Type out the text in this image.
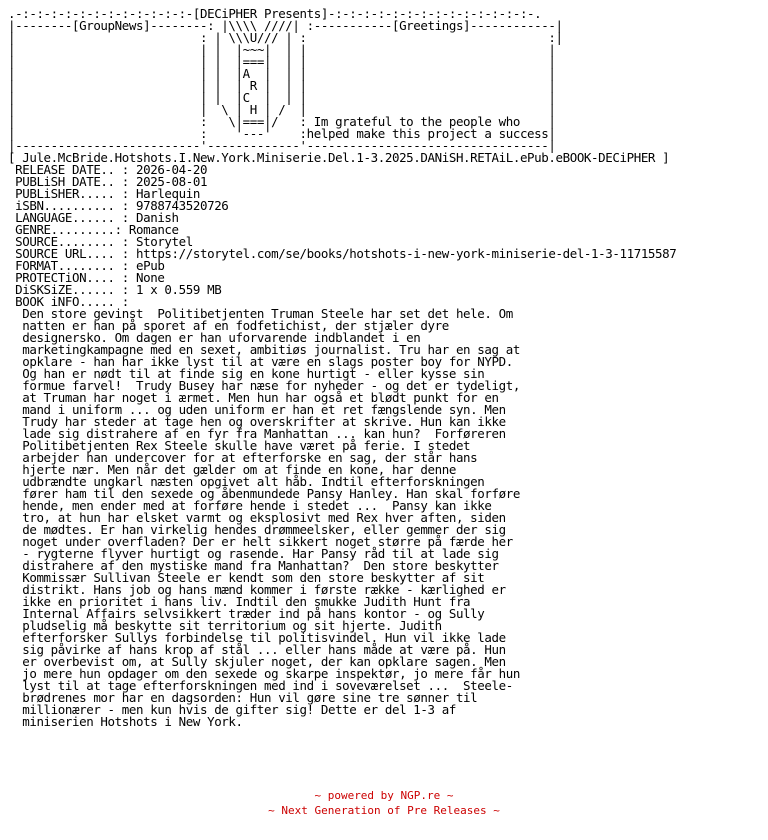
.-:-:-:-:-:-:-:-:-:-:-:-:-[DECiPHER Presents]-:-:-:-:-:-:-:-:-:-:-:-:-:-:-.
|--------[GroupNews]--------: |\\\\ ////| :-----------[Greetings]------------|
|                          : | \\\U/// | :                                  :|
|                          | |  |~~~|  | |                                  |
|                          | |  |===|  | |                                  |
|                          | |  |A  |  | |                                  |
|                          | |  | R |  | |                                  |
|                          | |  |C  |  | |                                  |
|                          |  \ | H | /  |                                  |
|                          :   \|===|/   : Im grateful to the people who    |
|                          :    '---'    :helped make this project a success|
|--------------------------'-------------'----------------------------------|
[ Jule.McBride.Hotshots.I.New.York.Miniserie.Del.1-3.2025.DANiSH.RETAiL.ePub.eBOOK-DECiPHER ]
RELEASE DATE.. : 2026-04-20
PUBLiSH DATE.. : 2025-08-01
PUBLiSHER..... : Harlequin
iSBN.......... : 9788743520726
LANGUAGE...... : Danish
GENRE.........: Romance
SOURCE........ : Storytel
SOURCE URL.... : https://storytel.com/se/books/hotshots-i-new-york-miniserie-del-1-3-11715587
FORMAT........ : ePub
PROTECTiON.... : None
DiSKSiZE...... : 1 x 0.559 MB
BOOK iNFO..... :
Den store gevinst  Politibetjenten Truman Steele har set det hele. Om
natten er han på sporet af en fodfetichist, der stjæler dyre
designersko. Om dagen er han uforvarende indblandet i en
marketingkampagne med en sexet, ambitiøs journalist. Tru har en sag at
opklare - han har ikke lyst til at være en slags poster boy for NYPD.
Og han er nødt til at finde sig en kone hurtigt - eller kysse sin
formue farvel!  Trudy Busey har næse for nyheder - og det er tydeligt,
at Truman har noget i ærmet. Men hun har også et blødt punkt for en
mand i uniform ... og uden uniform er han et ret fængslende syn. Men
Trudy har steder at tage hen og overskrifter at skrive. Hun kan ikke
lade sig distrahere af en fyr fra Manhattan ... kan hun?  Forføreren
Politibetjenten Rex Steele skulle have været på ferie. I stedet
arbejder han undercover for at efterforske en sag, der står hans
hjerte nær. Men når det gælder om at finde en kone, har denne
udbrændte ungkarl næsten opgivet alt håb. Indtil efterforskningen
fører ham til den sexede og åbenmundede Pansy Hanley. Han skal forføre
hende, men ender med at forføre hende i stedet ...  Pansy kan ikke
tro, at hun har elsket varmt og eksplosivt med Rex hver aften, siden
de mødtes. Er han virkelig hendes drømmeelsker, eller gemmer der sig
noget under overfladen? Der er helt sikkert noget større på færde her
- rygterne flyver hurtigt og rasende. Har Pansy råd til at lade sig
distrahere af den mystiske mand fra Manhattan?  Den store beskytter
Kommissær Sullivan Steele er kendt som den store beskytter af sit
distrikt. Hans job og hans mænd kommer i første række - kærlighed er
ikke en prioritet i hans liv. Indtil den smukke Judith Hunt fra
Internal Affairs selvsikkert træder ind på hans kontor - og Sully
pludselig må beskytte sit territorium og sit hjerte. Judith
efterforsker Sullys forbindelse til politisvindel. Hun vil ikke lade
sig påvirke af hans krop af stål ... eller hans måde at være på. Hun
er overbevist om, at Sully skjuler noget, der kan opklare sagen. Men
jo mere hun opdager om den sexede og skarpe inspektør, jo mere får hun
lyst til at tage efterforskningen med ind i soveværelset ...  Steele-
brødrenes mor har en dagsorden: Hun vil gøre sine tre sønner til
millionærer - men kun hvis de gifter sig! Dette er del 1-3 af
miniserien Hotshots i New York.
~ powered by NGP.re ~
~ Next Generation of Pre Releases ~
